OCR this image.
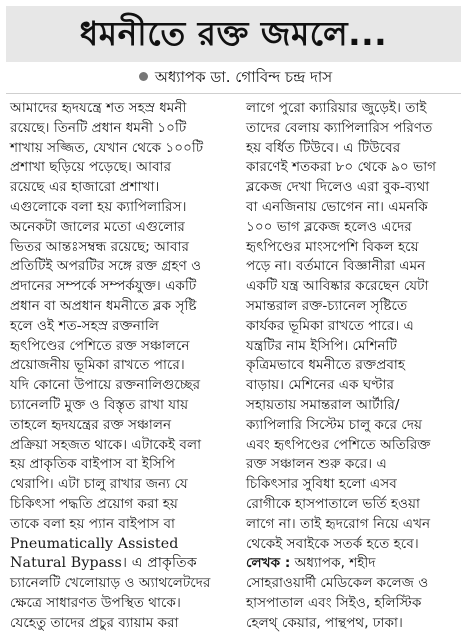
ধমনীতে রক্ত জমলে...
অধ্যাপক ডা. গোবিন্দ চন্দ্র দাস
আমাদের হৃদযন্ত্রে শত সহস্র ধমনী
রয়েছে। তিনটি প্রধান ধমনী ১০টি
শাখায় সজ্জিত, যেখান থেকে ১০০টি
প্রশাখা ছড়িয়ে পড়েছে। আবার
রয়েছে এর হাজারো প্রশাখা।
এগুলোকে বলা হয় ক্যাপিলারিস।
অনেকটা জালের মতো এগুলোর
ভিতর আন্তঃসম্বন্ধ রয়েছে; আবার
প্রতিটিই অপরটির সঙ্গে রক্ত গ্রহণ ও
প্রদানের সম্পর্কে সম্পর্কযুক্ত। একটি
প্রধান বা অপ্রধান ধমনীতে ব্লক সৃষ্টি
হলে ওই শত-সহস্র রক্তনালি
হৃৎপিণ্ডের পেশিতে রক্ত সঞ্চালনে
প্রয়োজনীয় ভূমিকা রাখতে পারে।
যদি কোনো উপায়ে রক্তনালিগুচ্ছের
চ্যানেলটি মুক্ত ও বিস্তৃত রাখা যায়
তাহলে হৃদযন্ত্রের রক্ত সঞ্চালন
প্রক্রিয়া সহজত থাকে। এটাকেই বলা
হয় প্রাকৃতিক বাইপাস বা ইসিপি
থেরাপি। এটা চালু রাখার জন্য যে
চিকিৎসা পদ্ধতি প্রয়োগ করা হয়
তাকে বলা হয় প্যান বাইপাস বা
Pneumatically Assisted
Natural Bypass। এ প্রাকৃতিক
চ্যানেলটি খেলোয়াড় ও অ্যাথলেটদের
ক্ষেত্রে সাধারণত উপস্থিত থাকে।
যেহেতু তাদের প্রচুর ব্যায়াম করা
লাগে পুরো ক্যারিয়ার জুড়েই। তাই
তাদের বেলায় ক্যাপিলারিস পরিণত
হয় বর্ধিত টিউবে। এ টিউবের
কারণেই শতকরা ৮০ থেকে ৯০ ভাগ
ব্লকেজ দেখা দিলেও এরা বুক-ব্যথা
বা এনজিনায় ভোগেন না। এমনকি
১০০ ভাগ ব্লকেজ হলেও এদের
হৃৎপিণ্ডের মাংসপেশি বিকল হয়ে
পড়ে না। বর্তমানে বিজ্ঞানীরা এমন
একটি যন্ত্র আবিষ্কার করেছেন যেটা
সমান্তরাল রক্ত-চ্যানেল সৃষ্টিতে
কার্যকর ভূমিকা রাখতে পারে। এ
যন্ত্রটির নাম ইসিপি। মেশিনটি
কৃত্রিমভাবে ধমনীতে রক্তপ্রবাহ
বাড়ায়। মেশিনের এক ঘণ্টার
সহায়তায় সমান্তরাল আর্টারি/
ক্যাপিলারি সিস্টেম চালু করে দেয়
এবং হৃৎপিণ্ডের পেশিতে অতিরিক্ত
রক্ত সঞ্চালন শুরু করে। এ
চিকিৎসার সুবিধা হলো এসব
রোগীকে হাসপাতালে ভর্তি হওয়া
লাগে না। তাই হৃদরোগ নিয়ে এখন
থেকেই সবাইকে সতর্ক হতে হবে।
লেখক : অধ্যাপক, শহীদ
সোহরাওয়ার্দী মেডিকেল কলেজ ও
হাসপাতাল এবং সিইও, হলিস্টিক
হেলথ্ কেয়ার, পান্থপথ, ঢাকা।
